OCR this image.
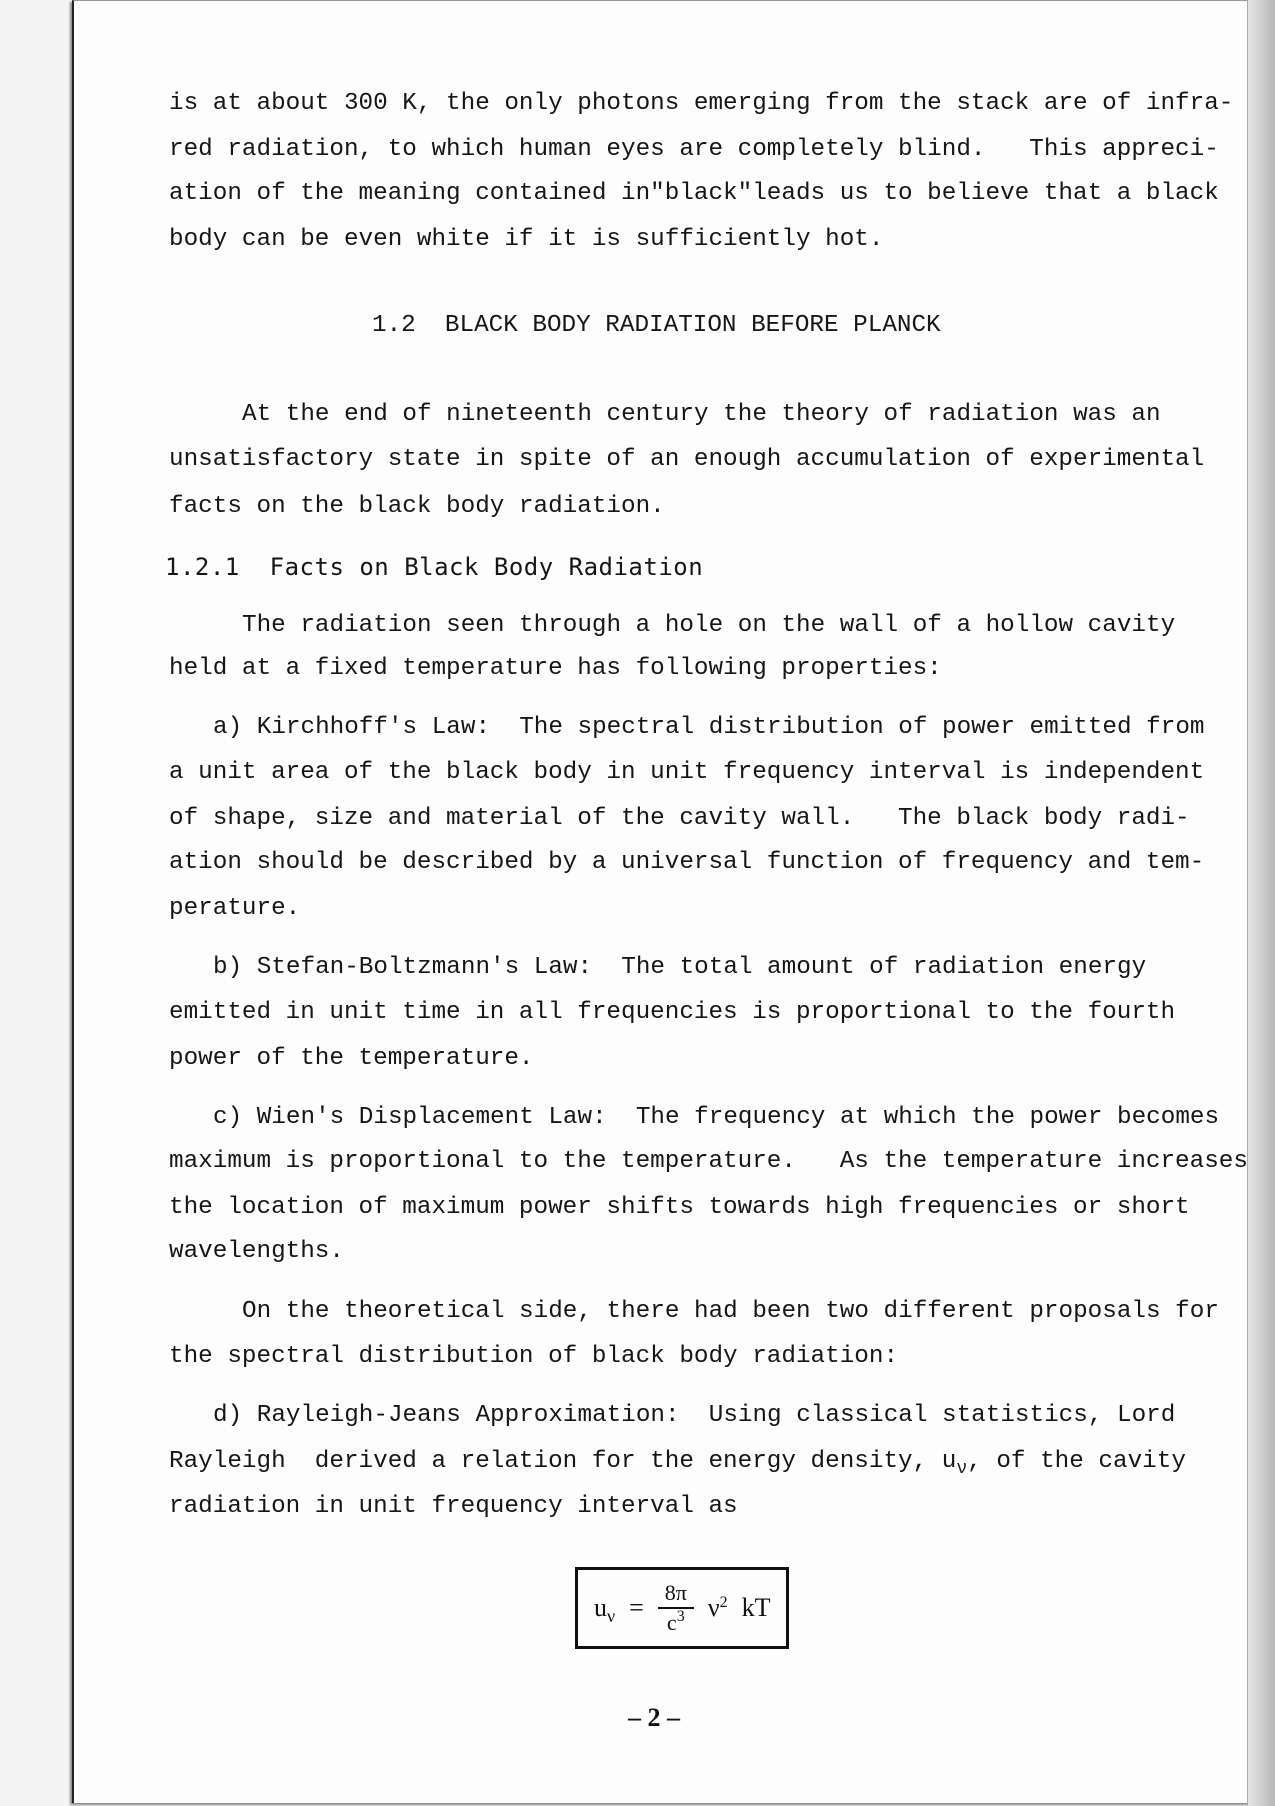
is at about 300 K, the only photons emerging from the stack are of infra-
red radiation, to which human eyes are completely blind.   This appreci-
ation of the meaning contained in"black"leads us to believe that a black
body can be even white if it is sufficiently hot.
1.2  BLACK BODY RADIATION BEFORE PLANCK
At the end of nineteenth century the theory of radiation was an
unsatisfactory state in spite of an enough accumulation of experimental
facts on the black body radiation.
1.2.1  Facts on Black Body Radiation
The radiation seen through a hole on the wall of a hollow cavity
held at a fixed temperature has following properties:
a) Kirchhoff's Law:  The spectral distribution of power emitted from
a unit area of the black body in unit frequency interval is independent
of shape, size and material of the cavity wall.   The black body radi-
ation should be described by a universal function of frequency and tem-
perature.
b) Stefan-Boltzmann's Law:  The total amount of radiation energy
emitted in unit time in all frequencies is proportional to the fourth
power of the temperature.
c) Wien's Displacement Law:  The frequency at which the power becomes
maximum is proportional to the temperature.   As the temperature increases
the location of maximum power shifts towards high frequencies or short
wavelengths.
On the theoretical side, there had been two different proposals for
the spectral distribution of black body radiation:
d) Rayleigh-Jeans Approximation:  Using classical statistics, Lord
Rayleigh  derived a relation for the energy density, $u_\nu$, of the cavity
radiation in unit frequency interval as
$u_\nu = \frac{8\pi}{c^3} \nu^2$ kT
– 2 –
